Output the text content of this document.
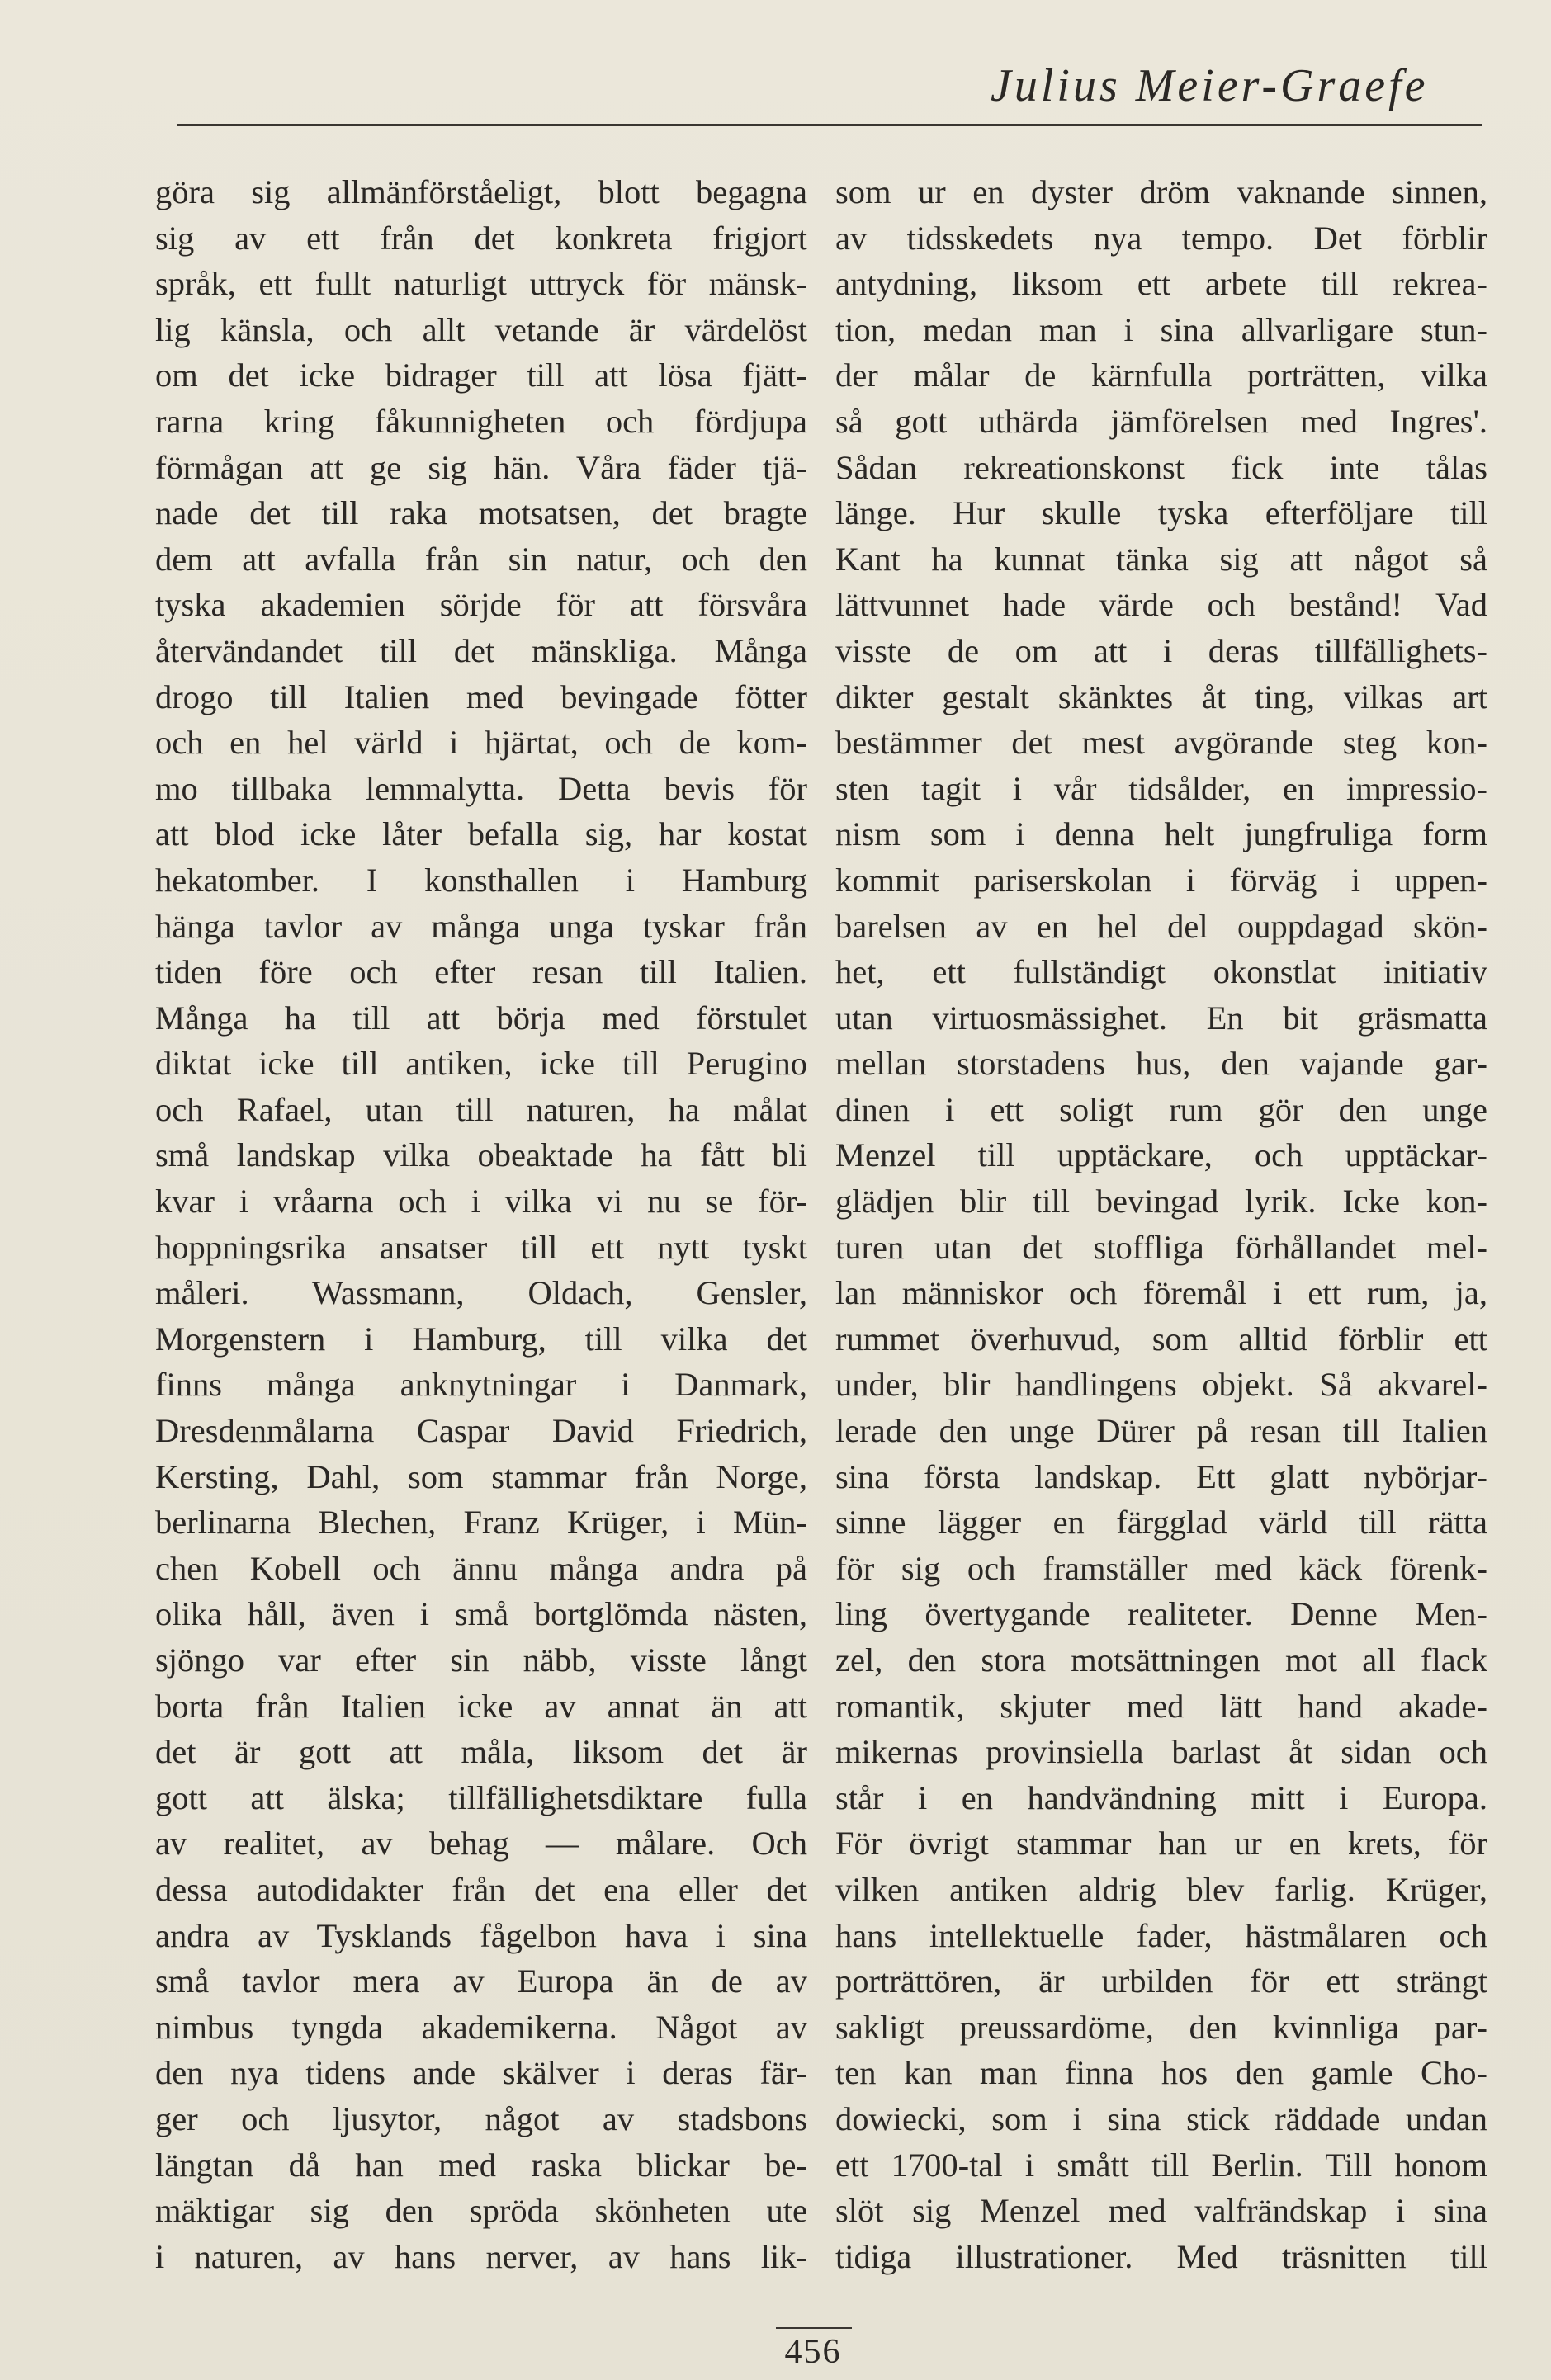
Julius Meier-Graefe
göra sig allmänförståeligt, blott begagna
sig av ett från det konkreta frigjort
språk, ett fullt naturligt uttryck för mänsk-
lig känsla, och allt vetande är värdelöst
om det icke bidrager till att lösa fjätt-
rarna kring fåkunnigheten och fördjupa
förmågan att ge sig hän. Våra fäder tjä-
nade det till raka motsatsen, det bragte
dem att avfalla från sin natur, och den
tyska akademien sörjde för att försvåra
återvändandet till det mänskliga. Många
drogo till Italien med bevingade fötter
och en hel värld i hjärtat, och de kom-
mo tillbaka lemmalytta. Detta bevis för
att blod icke låter befalla sig, har kostat
hekatomber. I konsthallen i Hamburg
hänga tavlor av många unga tyskar från
tiden före och efter resan till Italien.
Många ha till att börja med förstulet
diktat icke till antiken, icke till Perugino
och Rafael, utan till naturen, ha målat
små landskap vilka obeaktade ha fått bli
kvar i vråarna och i vilka vi nu se för-
hoppningsrika ansatser till ett nytt tyskt
måleri. Wassmann, Oldach, Gensler,
Morgenstern i Hamburg, till vilka det
finns många anknytningar i Danmark,
Dresdenmålarna Caspar David Friedrich,
Kersting, Dahl, som stammar från Norge,
berlinarna Blechen, Franz Krüger, i Mün-
chen Kobell och ännu många andra på
olika håll, även i små bortglömda nästen,
sjöngo var efter sin näbb, visste långt
borta från Italien icke av annat än att
det är gott att måla, liksom det är
gott att älska; tillfällighetsdiktare fulla
av realitet, av behag — målare. Och
dessa autodidakter från det ena eller det
andra av Tysklands fågelbon hava i sina
små tavlor mera av Europa än de av
nimbus tyngda akademikerna. Något av
den nya tidens ande skälver i deras fär-
ger och ljusytor, något av stadsbons
längtan då han med raska blickar be-
mäktigar sig den spröda skönheten ute
i naturen, av hans nerver, av hans lik-
som ur en dyster dröm vaknande sinnen,
av tidsskedets nya tempo. Det förblir
antydning, liksom ett arbete till rekrea-
tion, medan man i sina allvarligare stun-
der målar de kärnfulla porträtten, vilka
så gott uthärda jämförelsen med Ingres'.
Sådan rekreationskonst fick inte tålas
länge. Hur skulle tyska efterföljare till
Kant ha kunnat tänka sig att något så
lättvunnet hade värde och bestånd! Vad
visste de om att i deras tillfällighets-
dikter gestalt skänktes åt ting, vilkas art
bestämmer det mest avgörande steg kon-
sten tagit i vår tidsålder, en impressio-
nism som i denna helt jungfruliga form
kommit pariserskolan i förväg i uppen-
barelsen av en hel del ouppdagad skön-
het, ett fullständigt okonstlat initiativ
utan virtuosmässighet. En bit gräsmatta
mellan storstadens hus, den vajande gar-
dinen i ett soligt rum gör den unge
Menzel till upptäckare, och upptäckar-
glädjen blir till bevingad lyrik. Icke kon-
turen utan det stoffliga förhållandet mel-
lan människor och föremål i ett rum, ja,
rummet överhuvud, som alltid förblir ett
under, blir handlingens objekt. Så akvarel-
lerade den unge Dürer på resan till Italien
sina första landskap. Ett glatt nybörjar-
sinne lägger en färgglad värld till rätta
för sig och framställer med käck förenk-
ling övertygande realiteter. Denne Men-
zel, den stora motsättningen mot all flack
romantik, skjuter med lätt hand akade-
mikernas provinsiella barlast åt sidan och
står i en handvändning mitt i Europa.
För övrigt stammar han ur en krets, för
vilken antiken aldrig blev farlig. Krüger,
hans intellektuelle fader, hästmålaren och
porträttören, är urbilden för ett strängt
sakligt preussardöme, den kvinnliga par-
ten kan man finna hos den gamle Cho-
dowiecki, som i sina stick räddade undan
ett 1700-tal i smått till Berlin. Till honom
slöt sig Menzel med valfrändskap i sina
tidiga illustrationer. Med träsnitten till
456
